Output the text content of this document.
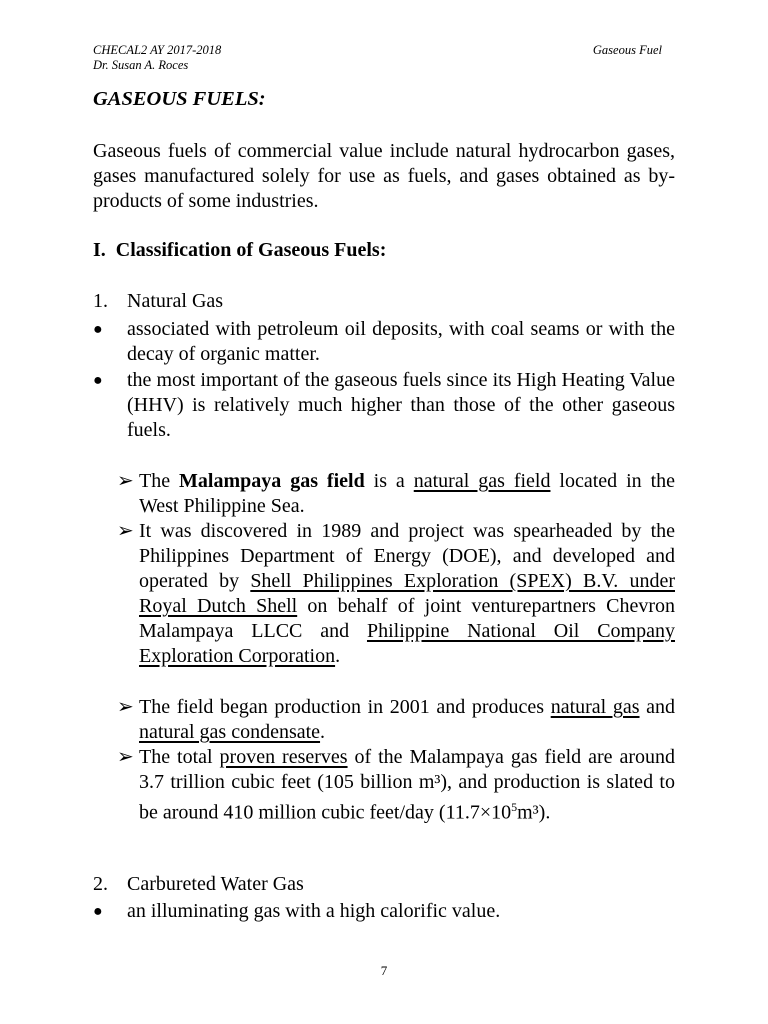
CHECAL2 AY 2017-2018
Dr. Susan A. Roces
Gaseous Fuel
GASEOUS FUELS:
Gaseous fuels of commercial value include natural hydrocarbon gases, gases manufactured solely for use as fuels, and gases obtained as by-products of some industries.
I. Classification of Gaseous Fuels:
1. Natural Gas
● associated with petroleum oil deposits, with coal seams or with the decay of organic matter.
● the most important of the gaseous fuels since its High Heating Value (HHV) is relatively much higher than those of the other gaseous fuels.
➢ The Malampaya gas field is a natural gas field located in the West Philippine Sea.
➢ It was discovered in 1989 and project was spearheaded by the Philippines Department of Energy (DOE), and developed and operated by Shell Philippines Exploration (SPEX) B.V. under Royal Dutch Shell on behalf of joint venturepartners Chevron Malampaya LLCC and Philippine National Oil Company Exploration Corporation.
➢ The field began production in 2001 and produces natural gas and natural gas condensate.
➢ The total proven reserves of the Malampaya gas field are around 3.7 trillion cubic feet (105 billion m³), and production is slated to be around 410 million cubic feet/day $(11.7\times 10^5m^3)$.
2. Carbureted Water Gas
● an illuminating gas with a high calorific value.
7
